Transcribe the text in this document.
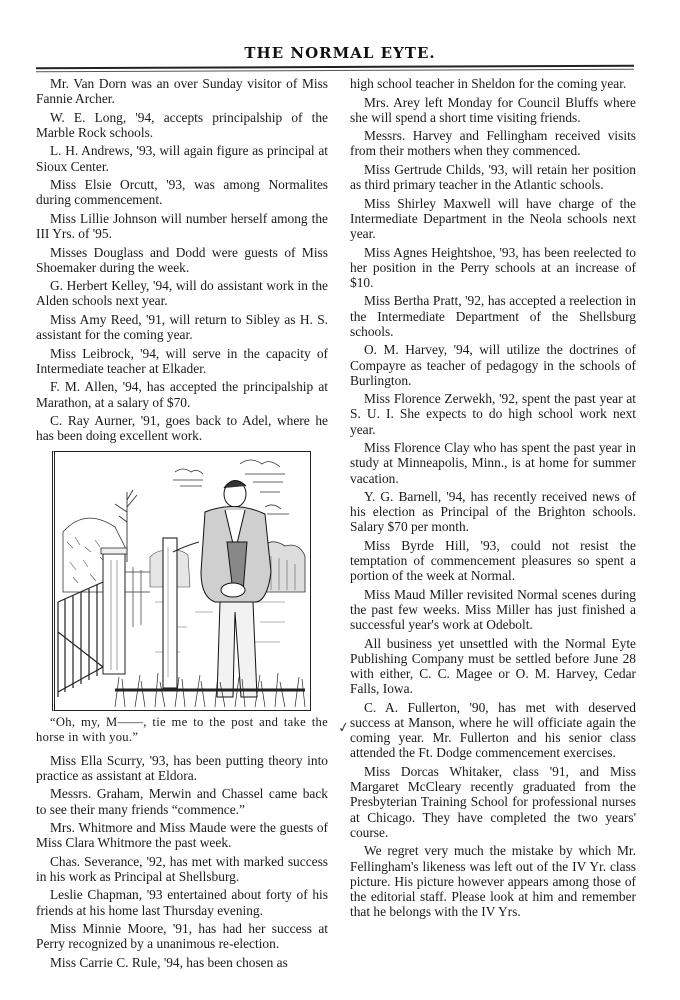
THE NORMAL EYTE.

Mr. Van Dorn was an over Sunday visitor of Miss Fannie Archer.

W. E. Long, '94, accepts principalship of the Marble Rock schools.

L. H. Andrews, '93, will again figure as principal at Sioux Center.

Miss Elsie Orcutt, '93, was among Normalites during commencement.

Miss Lillie Johnson will number herself among the III Yrs. of '95.

Misses Douglass and Dodd were guests of Miss Shoemaker during the week.

G. Herbert Kelley, '94, will do assistant work in the Alden schools next year.

Miss Amy Reed, '91, will return to Sibley as H. S. assistant for the coming year.

Miss Leibrock, '94, will serve in the capacity of Intermediate teacher at Elkader.

F. M. Allen, '94, has accepted the principalship at Marathon, at a salary of $70.

C. Ray Aurner, '91, goes back to Adel, where he has been doing excellent work.

“Oh, my, M——, tie me to the post and take the horse in with you.”

Miss Ella Scurry, '93, has been putting theory into practice as assistant at Eldora.

Messrs. Graham, Merwin and Chassel came back to see their many friends “commence.”

Mrs. Whitmore and Miss Maude were the guests of Miss Clara Whitmore the past week.

Chas. Severance, '92, has met with marked success in his work as Principal at Shellsburg.

Leslie Chapman, '93 entertained about forty of his friends at his home last Thursday evening.

Miss Minnie Moore, '91, has had her success at Perry recognized by a unanimous re-election.

Miss Carrie C. Rule, '94, has been chosen as

high school teacher in Sheldon for the coming year.

Mrs. Arey left Monday for Council Bluffs where she will spend a short time visiting friends.

Messrs. Harvey and Fellingham received visits from their mothers when they commenced.

Miss Gertrude Childs, '93, will retain her position as third primary teacher in the Atlantic schools.

Miss Shirley Maxwell will have charge of the Intermediate Department in the Neola schools next year.

Miss Agnes Heightshoe, '93, has been reelected to her position in the Perry schools at an increase of $10.

Miss Bertha Pratt, '92, has accepted a reelection in the Intermediate Department of the Shellsburg schools.

O. M. Harvey, '94, will utilize the doctrines of Compayre as teacher of pedagogy in the schools of Burlington.

Miss Florence Zerwekh, '92, spent the past year at S. U. I. She expects to do high school work next year.

Miss Florence Clay who has spent the past year in study at Minneapolis, Minn., is at home for summer vacation.

Y. G. Barnell, '94, has recently received news of his election as Principal of the Brighton schools. Salary $70 per month.

Miss Byrde Hill, '93, could not resist the temptation of commencement pleasures so spent a portion of the week at Normal.

Miss Maud Miller revisited Normal scenes during the past few weeks. Miss Miller has just finished a successful year's work at Odebolt.

All business yet unsettled with the Normal Eyte Publishing Company must be settled before June 28 with either, C. C. Magee or O. M. Harvey, Cedar Falls, Iowa.

C. A. Fullerton, '90, has met with deserved success at Manson, where he will officiate again the coming year. Mr. Fullerton and his senior class attended the Ft. Dodge commencement exercises.

Miss Dorcas Whitaker, class '91, and Miss Margaret McCleary recently graduated from the Presbyterian Training School for professional nurses at Chicago. They have completed the two years' course.

We regret very much the mistake by which Mr. Fellingham's likeness was left out of the IV Yr. class picture. His picture however appears among those of the editorial staff. Please look at him and remember that he belongs with the IV Yrs.

✓
